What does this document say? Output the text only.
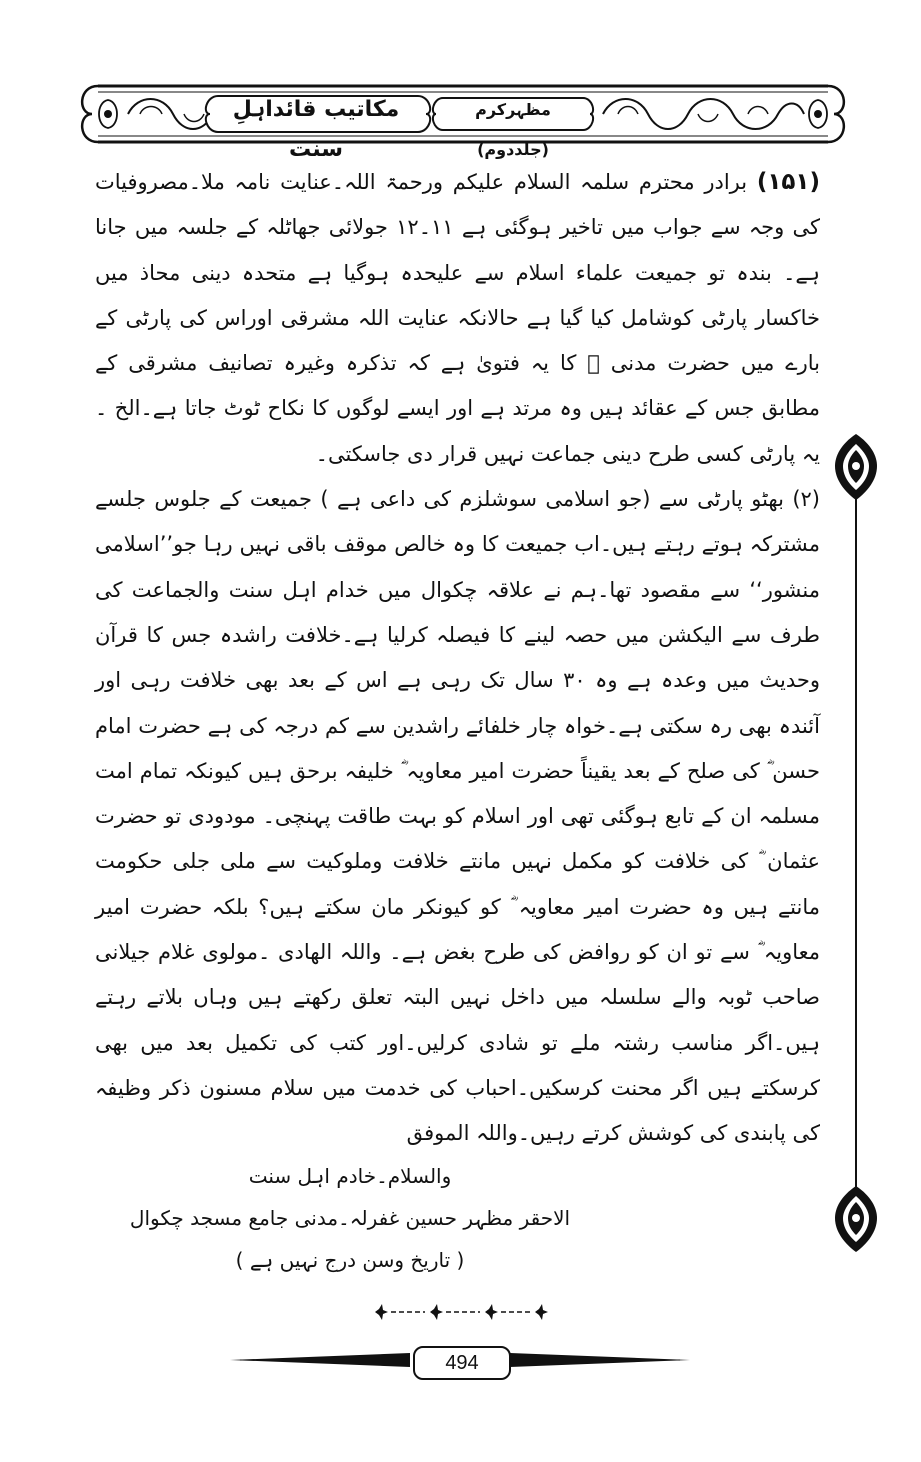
مکاتیب قائداہلِ سنت
مظہرکرم (جلددوم)

(۱۵۱) برادر محترم سلمہ السلام علیکم ورحمۃ اللہ۔عنایت نامہ ملا۔مصروفیات کی وجہ سے جواب میں تاخیر ہوگئی ہے ۱۱۔۱۲ جولائی جھاٹلہ کے جلسہ میں جانا ہے۔ بندہ تو جمیعت علماء اسلام سے علیحدہ ہوگیا ہے متحدہ دینی محاذ میں خاکسار پارٹی کوشامل کیا گیا ہے حالانکہ عنایت اللہ مشرقی اوراس کی پارٹی کے بارے میں حضرت مدنی ﷫ کا یہ فتویٰ ہے کہ تذکرہ وغیرہ تصانیف مشرقی کے مطابق جس کے عقائد ہیں وہ مرتد ہے اور ایسے لوگوں کا نکاح ٹوٹ جاتا ہے۔الخ ۔ یہ پارٹی کسی طرح دینی جماعت نہیں قرار دی جاسکتی۔

(۲) بھٹو پارٹی سے (جو اسلامی سوشلزم کی داعی ہے ) جمیعت کے جلوس جلسے مشترکہ ہوتے رہتے ہیں۔اب جمیعت کا وہ خالص موقف باقی نہیں رہا جو’’اسلامی منشور‘‘ سے مقصود تھا۔ہم نے علاقہ چکوال میں خدام اہل سنت والجماعت کی طرف سے الیکشن میں حصہ لینے کا فیصلہ کرلیا ہے۔خلافت راشدہ جس کا قرآن وحدیث میں وعدہ ہے وہ ۳۰ سال تک رہی ہے اس کے بعد بھی خلافت رہی اور آئندہ بھی رہ سکتی ہے۔خواہ چار خلفائے راشدین سے کم درجہ کی ہے حضرت امام حسن ؓ کی صلح کے بعد یقیناً حضرت امیر معاویہ ؓ خلیفہ برحق ہیں کیونکہ تمام امت مسلمہ ان کے تابع ہوگئی تھی اور اسلام کو بہت طاقت پہنچی۔ مودودی تو حضرت عثمان ؓ کی خلافت کو مکمل نہیں مانتے خلافت وملوکیت سے ملی جلی حکومت مانتے ہیں وہ حضرت امیر معاویہ ؓ کو کیونکر مان سکتے ہیں؟ بلکہ حضرت امیر معاویہ ؓ سے تو ان کو روافض کی طرح بغض ہے۔ واللہ الھادی ۔مولوی غلام جیلانی صاحب ٹوبہ والے سلسلہ میں داخل نہیں البتہ تعلق رکھتے ہیں وہاں بلاتے رہتے ہیں۔اگر مناسب رشتہ ملے تو شادی کرلیں۔اور کتب کی تکمیل بعد میں بھی کرسکتے ہیں اگر محنت کرسکیں۔احباب کی خدمت میں سلام مسنون ذکر وظیفہ کی پابندی کی کوشش کرتے رہیں۔واللہ الموفق

والسلام۔خادم اہل سنت
الاحقر مظہر حسین غفرلہ۔مدنی جامع مسجد چکوال
( تاریخ وسن درج نہیں ہے )
494
